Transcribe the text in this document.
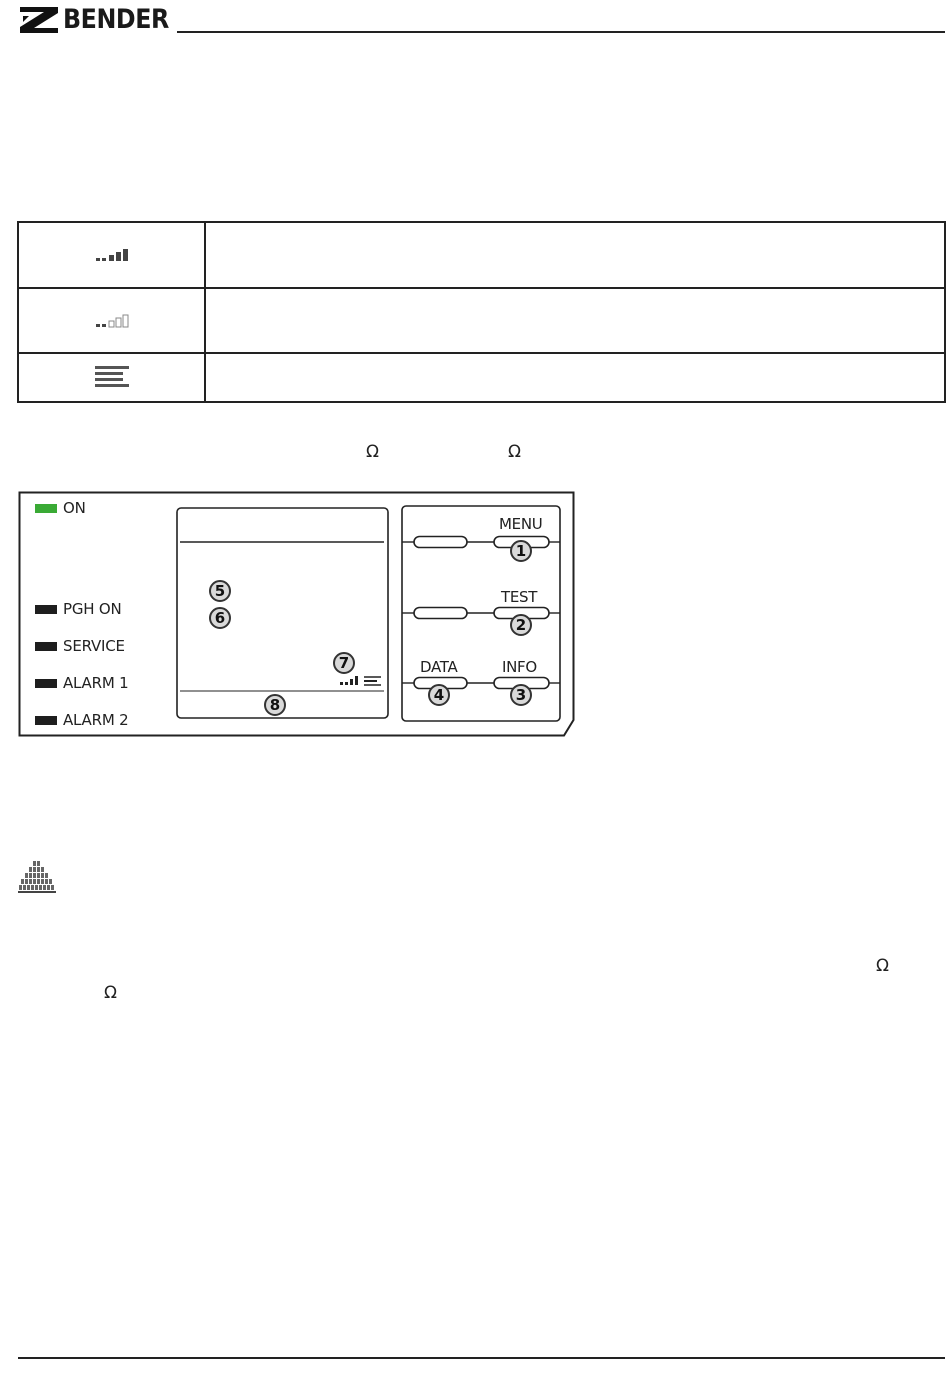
BENDER
Ω	Ω
ON
PGH ON
SERVICE
ALARM 1
ALARM 2
MENU
TEST
DATA	INFO
1
2
3
4
5
6
7
8
Ω
Ω
